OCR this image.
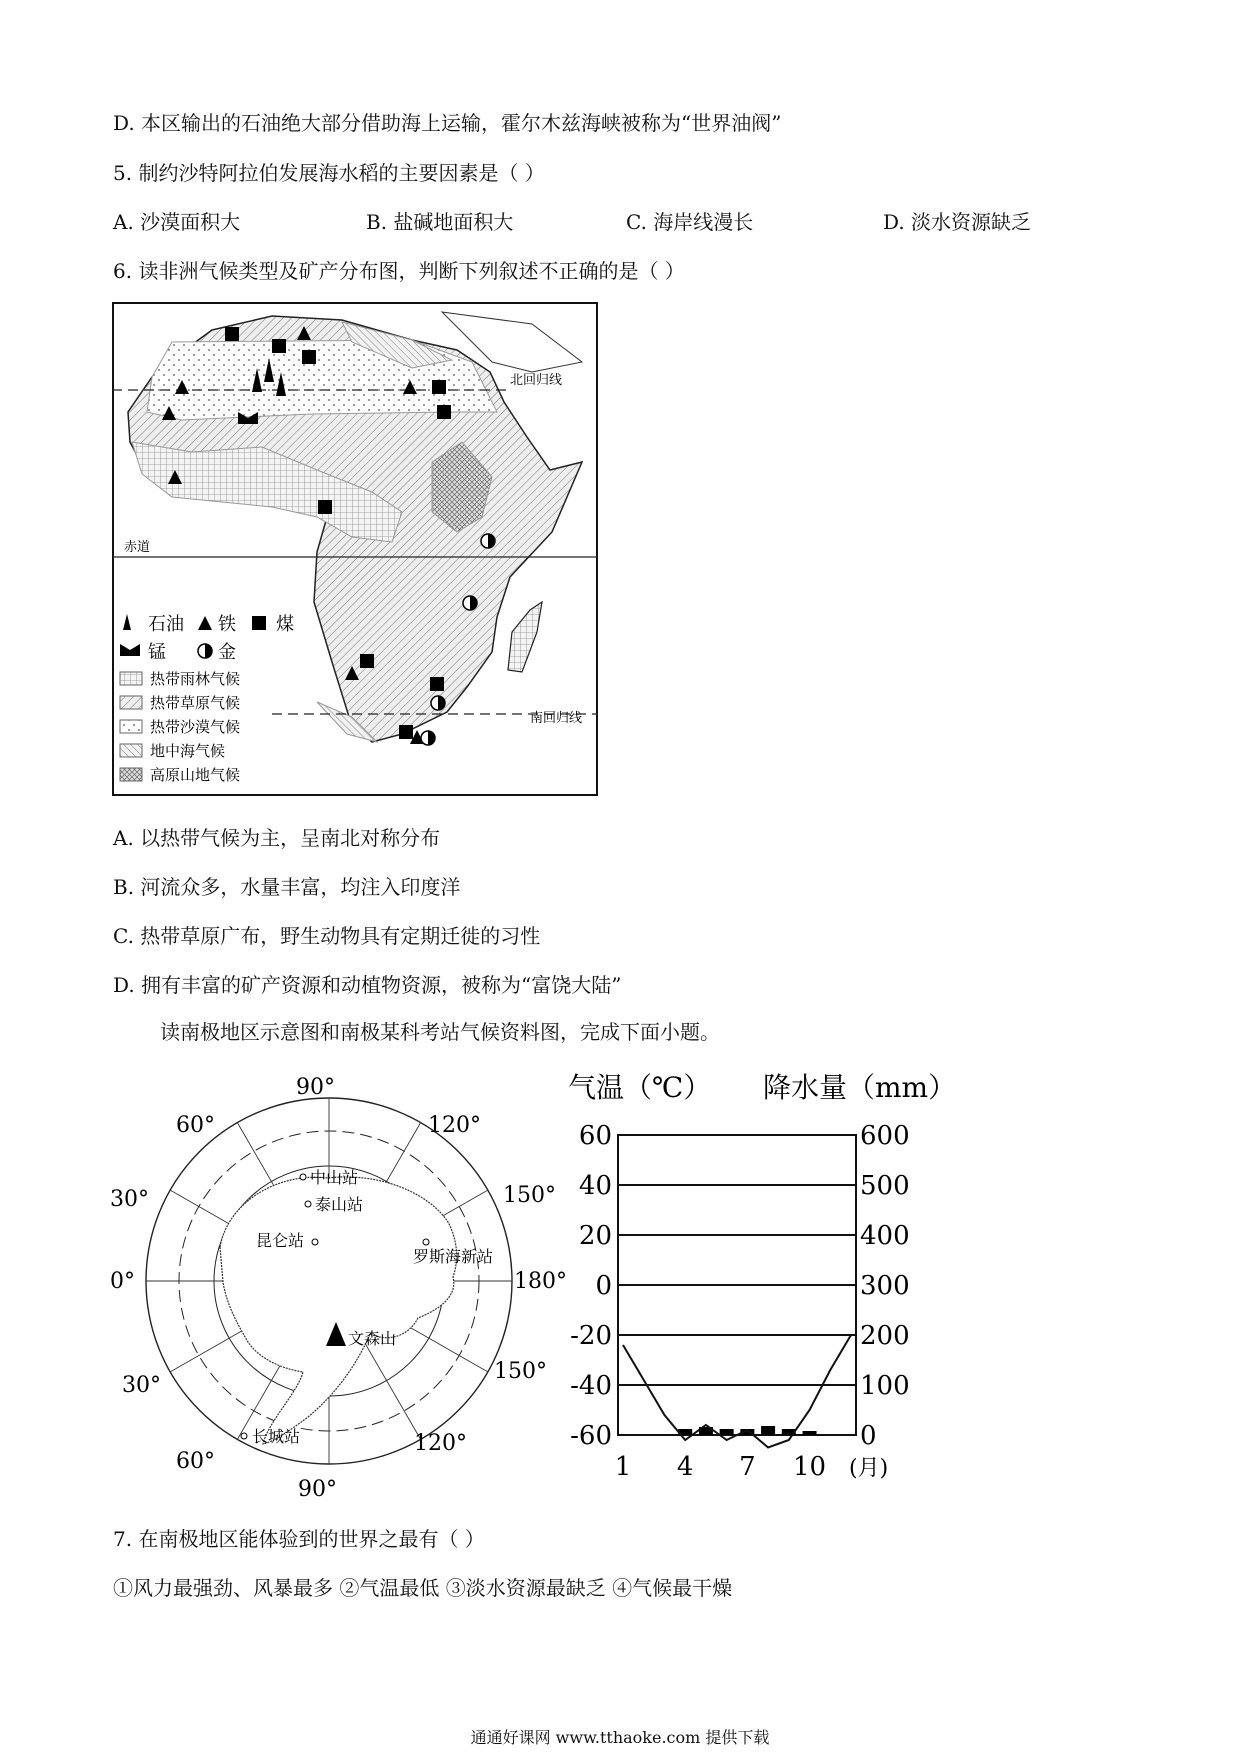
D. 本区输出的石油绝大部分借助海上运输，霍尔木兹海峡被称为“世界油阀”
5. 制约沙特阿拉伯发展海水稻的主要因素是（ ）
A. 沙漠面积大	B. 盐碱地面积大	C. 海岸线漫长	D. 淡水资源缺乏
6. 读非洲气候类型及矿产分布图，判断下列叙述不正确的是（ ）
北回归线
赤道
南回归线
石油 铁 煤
锰	金
热带雨林气候
热带草原气候
热带沙漠气候
地中海气候
高原山地气候
A. 以热带气候为主，呈南北对称分布
B. 河流众多，水量丰富，均注入印度洋
C. 热带草原广布，野生动物具有定期迁徙的习性
D. 拥有丰富的矿产资源和动植物资源，被称为“富饶大陆”
读南极地区示意图和南极某科考站气候资料图，完成下面小题。
90°
120°
150°
180°
150°
120°
90°
60°
30°
0°
30°
60°
中山站
泰山站
昆仑站
罗斯海新站
长城站
文森山
气温（℃） 降水量（mm）
60
40
20
0
-20
-40
-60
600
500
400
300
200
100
0
1 4 7 10 (月)
7. 在南极地区能体验到的世界之最有（ ）
①风力最强劲、风暴最多 ②气温最低 ③淡水资源最缺乏 ④气候最干燥
通通好课网 www.tthaoke.com 提供下载
